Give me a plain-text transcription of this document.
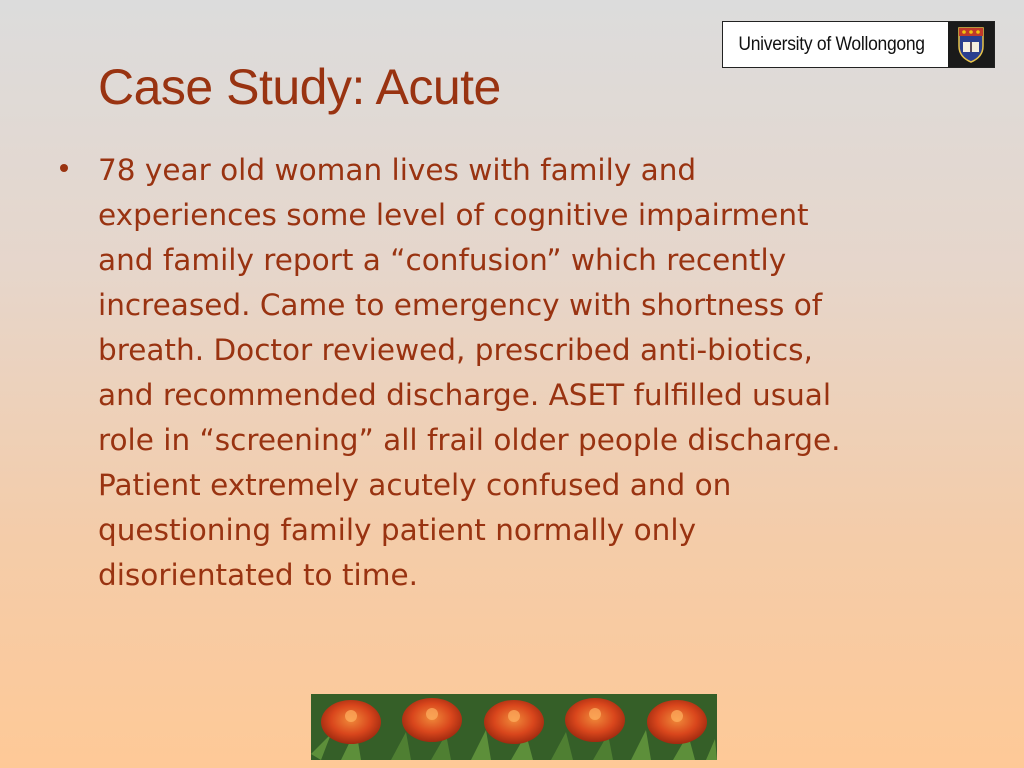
University of Wollongong
Case Study: Acute

78 year old woman lives with family and
experiences some level of cognitive impairment
and family report a “confusion” which recently
increased. Came to emergency with shortness of
breath. Doctor reviewed, prescribed anti-biotics,
and recommended discharge. ASET fulfilled usual
role in “screening” all frail older people discharge.
Patient extremely acutely confused and on
questioning family patient normally only
disorientated to time.
